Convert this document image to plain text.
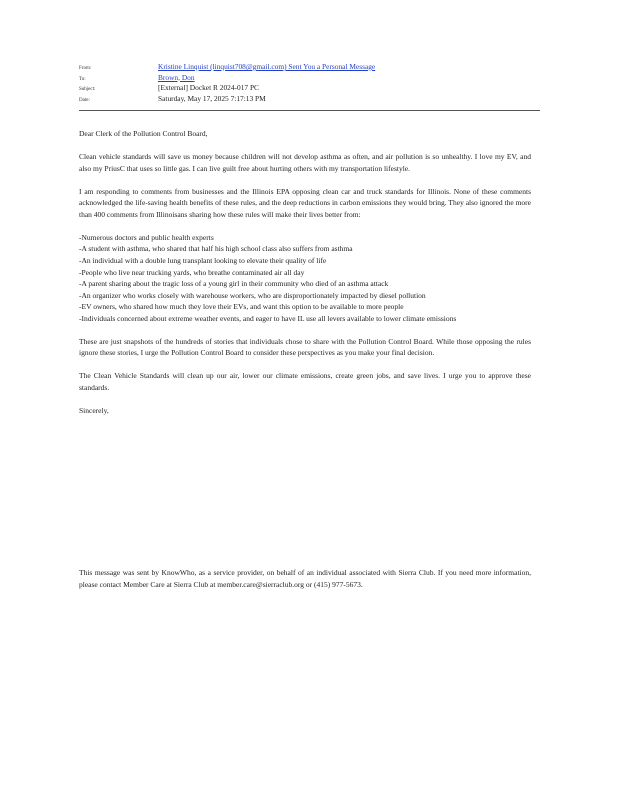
From:	Kristine Linquist (linquist708@gmail.com) Sent You a Personal Message
To:	Brown, Don
Subject:	[External] Docket R 2024-017 PC
Date:	Saturday, May 17, 2025 7:17:13 PM

Dear Clerk of the Pollution Control Board,

Clean vehicle standards will save us money because children will not develop asthma as often, and air pollution is so unhealthy. I love my EV, and also my PriusC that uses so little gas. I can live guilt free about hurting others with my transportation lifestyle.

I am responding to comments from businesses and the Illinois EPA opposing clean car and truck standards for Illinois. None of these comments acknowledged the life-saving health benefits of these rules, and the deep reductions in carbon emissions they would bring. They also ignored the more than 400 comments from Illinoisans sharing how these rules will make their lives better from:

-Numerous doctors and public health experts
-A student with asthma, who shared that half his high school class also suffers from asthma
-An individual with a double lung transplant looking to elevate their quality of life
-People who live near trucking yards, who breathe contaminated air all day
-A parent sharing about the tragic loss of a young girl in their community who died of an asthma attack
-An organizer who works closely with warehouse workers, who are disproportionately impacted by diesel pollution
-EV owners, who shared how much they love their EVs, and want this option to be available to more people
-Individuals concerned about extreme weather events, and eager to have IL use all levers available to lower climate emissions

These are just snapshots of the hundreds of stories that individuals chose to share with the Pollution Control Board. While those opposing the rules ignore these stories, I urge the Pollution Control Board to consider these perspectives as you make your final decision.

The Clean Vehicle Standards will clean up our air, lower our climate emissions, create green jobs, and save lives. I urge you to approve these standards.

Sincerely,

This message was sent by KnowWho, as a service provider, on behalf of an individual associated with Sierra Club. If you need more information, please contact Member Care at Sierra Club at member.care@sierraclub.org or (415) 977-5673.
